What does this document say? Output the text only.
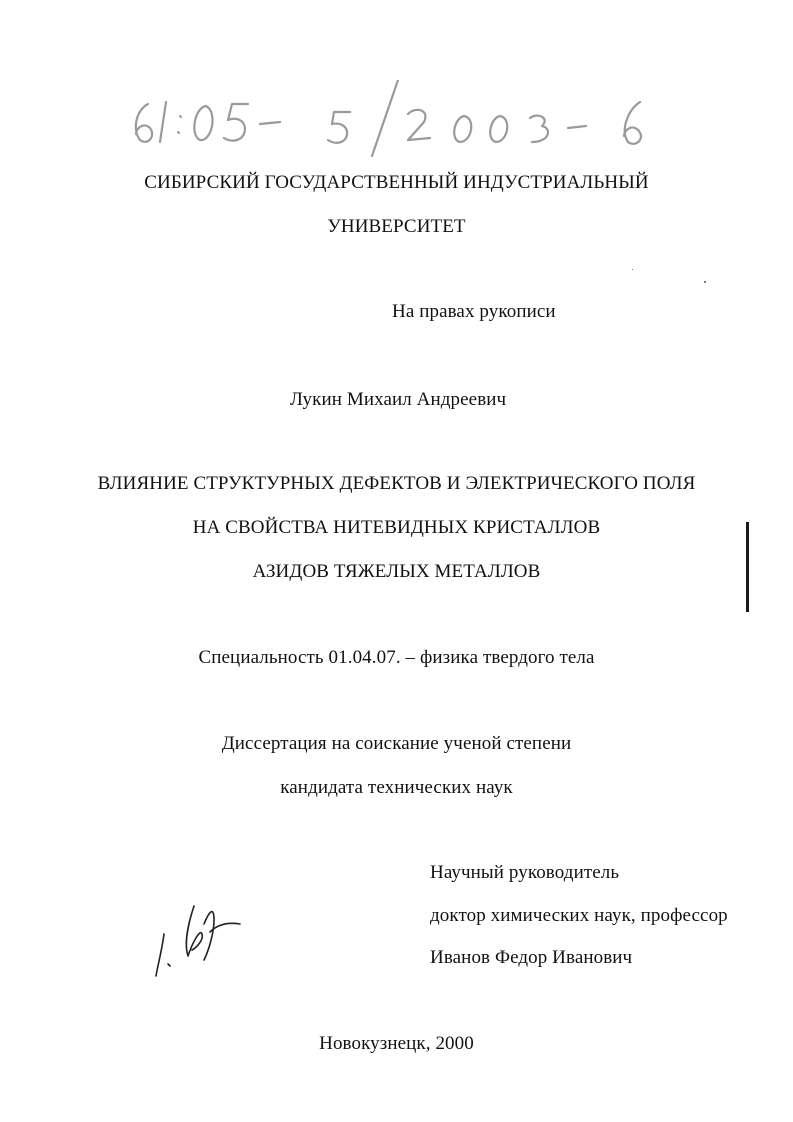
СИБИРСКИЙ ГОСУДАРСТВЕННЫЙ ИНДУСТРИАЛЬНЫЙ
УНИВЕРСИТЕТ
На правах рукописи
Лукин Михаил Андреевич
ВЛИЯНИЕ СТРУКТУРНЫХ ДЕФЕКТОВ И ЭЛЕКТРИЧЕСКОГО ПОЛЯ
НА СВОЙСТВА НИТЕВИДНЫХ КРИСТАЛЛОВ
АЗИДОВ ТЯЖЕЛЫХ МЕТАЛЛОВ
Специальность 01.04.07. – физика твердого тела
Диссертация на соискание ученой степени
кандидата технических наук
Научный руководитель
доктор химических наук, профессор
Иванов Федор Иванович
Новокузнецк, 2000
